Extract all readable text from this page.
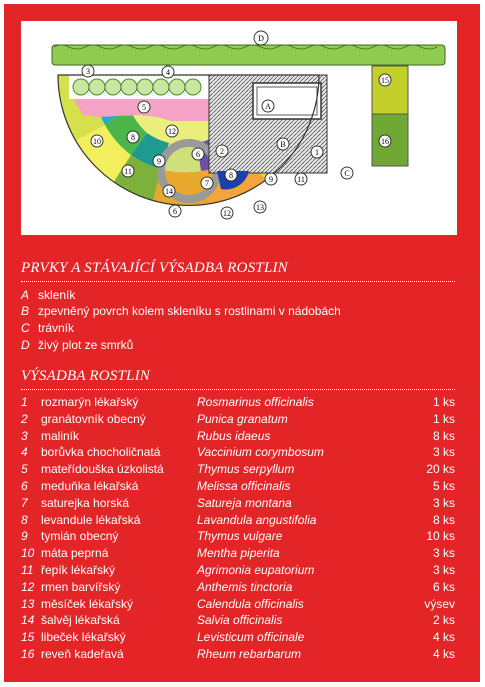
D
3	4
15
16
5	A
B
1
C
2
6
10	8
12
9
11
14
7
8	9	11
13
12
6
PRVKY A STÁVAJÍCÍ VÝSADBA ROSTLIN
A skleník
B zpevněný povrch kolem skleníku s rostlinami v nádobách
C trávník
D živý plot ze smrků
VÝSADBA ROSTLIN
1 rozmarýn lékařský	Rosmarinus officinalis	1 ks
2 granátovník obecný	Punica granatum	1 ks
3 maliník	Rubus idaeus	8 ks
4 borůvka chocholičnatá	Vaccinium corymbosum	3 ks
5 mateřídouška úzkolistá	Thymus serpyllum	20 ks
6 meduňka lékařská	Melissa officinalis	5 ks
7 saturejka horská	Satureja montana	3 ks
8 levandule lékařská	Lavandula angustifolia	8 ks
9 tymián obecný	Thymus vulgare	10 ks
10 máta peprná	Mentha piperita	3 ks
11 řepík lékařský	Agrimonia eupatorium	3 ks
12 rmen barvířský	Anthemis tinctoria	6 ks
13 měsíček lékařský	Calendula officinalis	výsev
14 šalvěj lékařská	Salvia officinalis	2 ks
15 libeček lékařský	Levisticum officinale	4 ks
16 reveň kadeřavá	Rheum rebarbarum	4 ks
